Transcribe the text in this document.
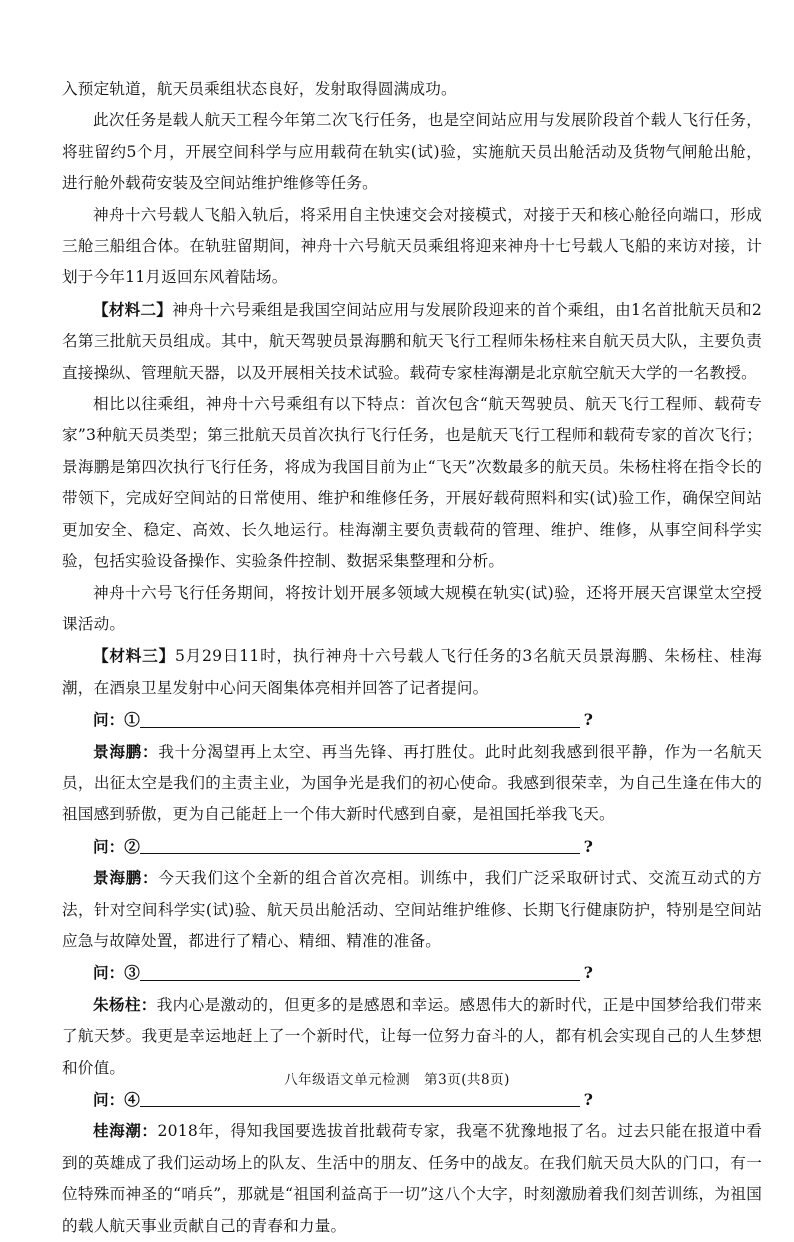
入预定轨道，航天员乘组状态良好，发射取得圆满成功。

此次任务是载人航天工程今年第二次飞行任务，也是空间站应用与发展阶段首个载人飞行任务，将驻留约5个月，开展空间科学与应用载荷在轨实(试)验，实施航天员出舱活动及货物气闸舱出舱，进行舱外载荷安装及空间站维护维修等任务。

神舟十六号载人飞船入轨后，将采用自主快速交会对接模式，对接于天和核心舱径向端口，形成三舱三船组合体。在轨驻留期间，神舟十六号航天员乘组将迎来神舟十七号载人飞船的来访对接，计划于今年11月返回东风着陆场。

【材料二】神舟十六号乘组是我国空间站应用与发展阶段迎来的首个乘组，由1名首批航天员和2名第三批航天员组成。其中，航天驾驶员景海鹏和航天飞行工程师朱杨柱来自航天员大队，主要负责直接操纵、管理航天器，以及开展相关技术试验。载荷专家桂海潮是北京航空航天大学的一名教授。

相比以往乘组，神舟十六号乘组有以下特点：首次包含“航天驾驶员、航天飞行工程师、载荷专家”3种航天员类型；第三批航天员首次执行飞行任务，也是航天飞行工程师和载荷专家的首次飞行；景海鹏是第四次执行飞行任务，将成为我国目前为止“飞天”次数最多的航天员。朱杨柱将在指令长的带领下，完成好空间站的日常使用、维护和维修任务，开展好载荷照料和实(试)验工作，确保空间站更加安全、稳定、高效、长久地运行。桂海潮主要负责载荷的管理、维护、维修，从事空间科学实验，包括实验设备操作、实验条件控制、数据采集整理和分析。

神舟十六号飞行任务期间，将按计划开展多领域大规模在轨实(试)验，还将开展天宫课堂太空授课活动。

【材料三】5月29日11时，执行神舟十六号载人飞行任务的3名航天员景海鹏、朱杨柱、桂海潮，在酒泉卫星发射中心问天阁集体亮相并回答了记者提问。

问：①	?

景海鹏：我十分渴望再上太空、再当先锋、再打胜仗。此时此刻我感到很平静，作为一名航天员，出征太空是我们的主责主业，为国争光是我们的初心使命。我感到很荣幸，为自己生逢在伟大的祖国感到骄傲，更为自己能赶上一个伟大新时代感到自豪，是祖国托举我飞天。

问：②	?

景海鹏：今天我们这个全新的组合首次亮相。训练中，我们广泛采取研讨式、交流互动式的方法，针对空间科学实(试)验、航天员出舱活动、空间站维护维修、长期飞行健康防护，特别是空间站应急与故障处置，都进行了精心、精细、精准的准备。

问：③	?

朱杨柱：我内心是激动的，但更多的是感恩和幸运。感恩伟大的新时代，正是中国梦给我们带来了航天梦。我更是幸运地赶上了一个新时代，让每一位努力奋斗的人，都有机会实现自己的人生梦想和价值。

问：④	?

桂海潮：2018年，得知我国要选拔首批载荷专家，我毫不犹豫地报了名。过去只能在报道中看到的英雄成了我们运动场上的队友、生活中的朋友、任务中的战友。在我们航天员大队的门口，有一位特殊而神圣的“哨兵”，那就是“祖国利益高于一切”这八个大字，时刻激励着我们刻苦训练，为祖国的载人航天事业贡献自己的青春和力量。

八年级语文单元检测　第3页(共8页)
